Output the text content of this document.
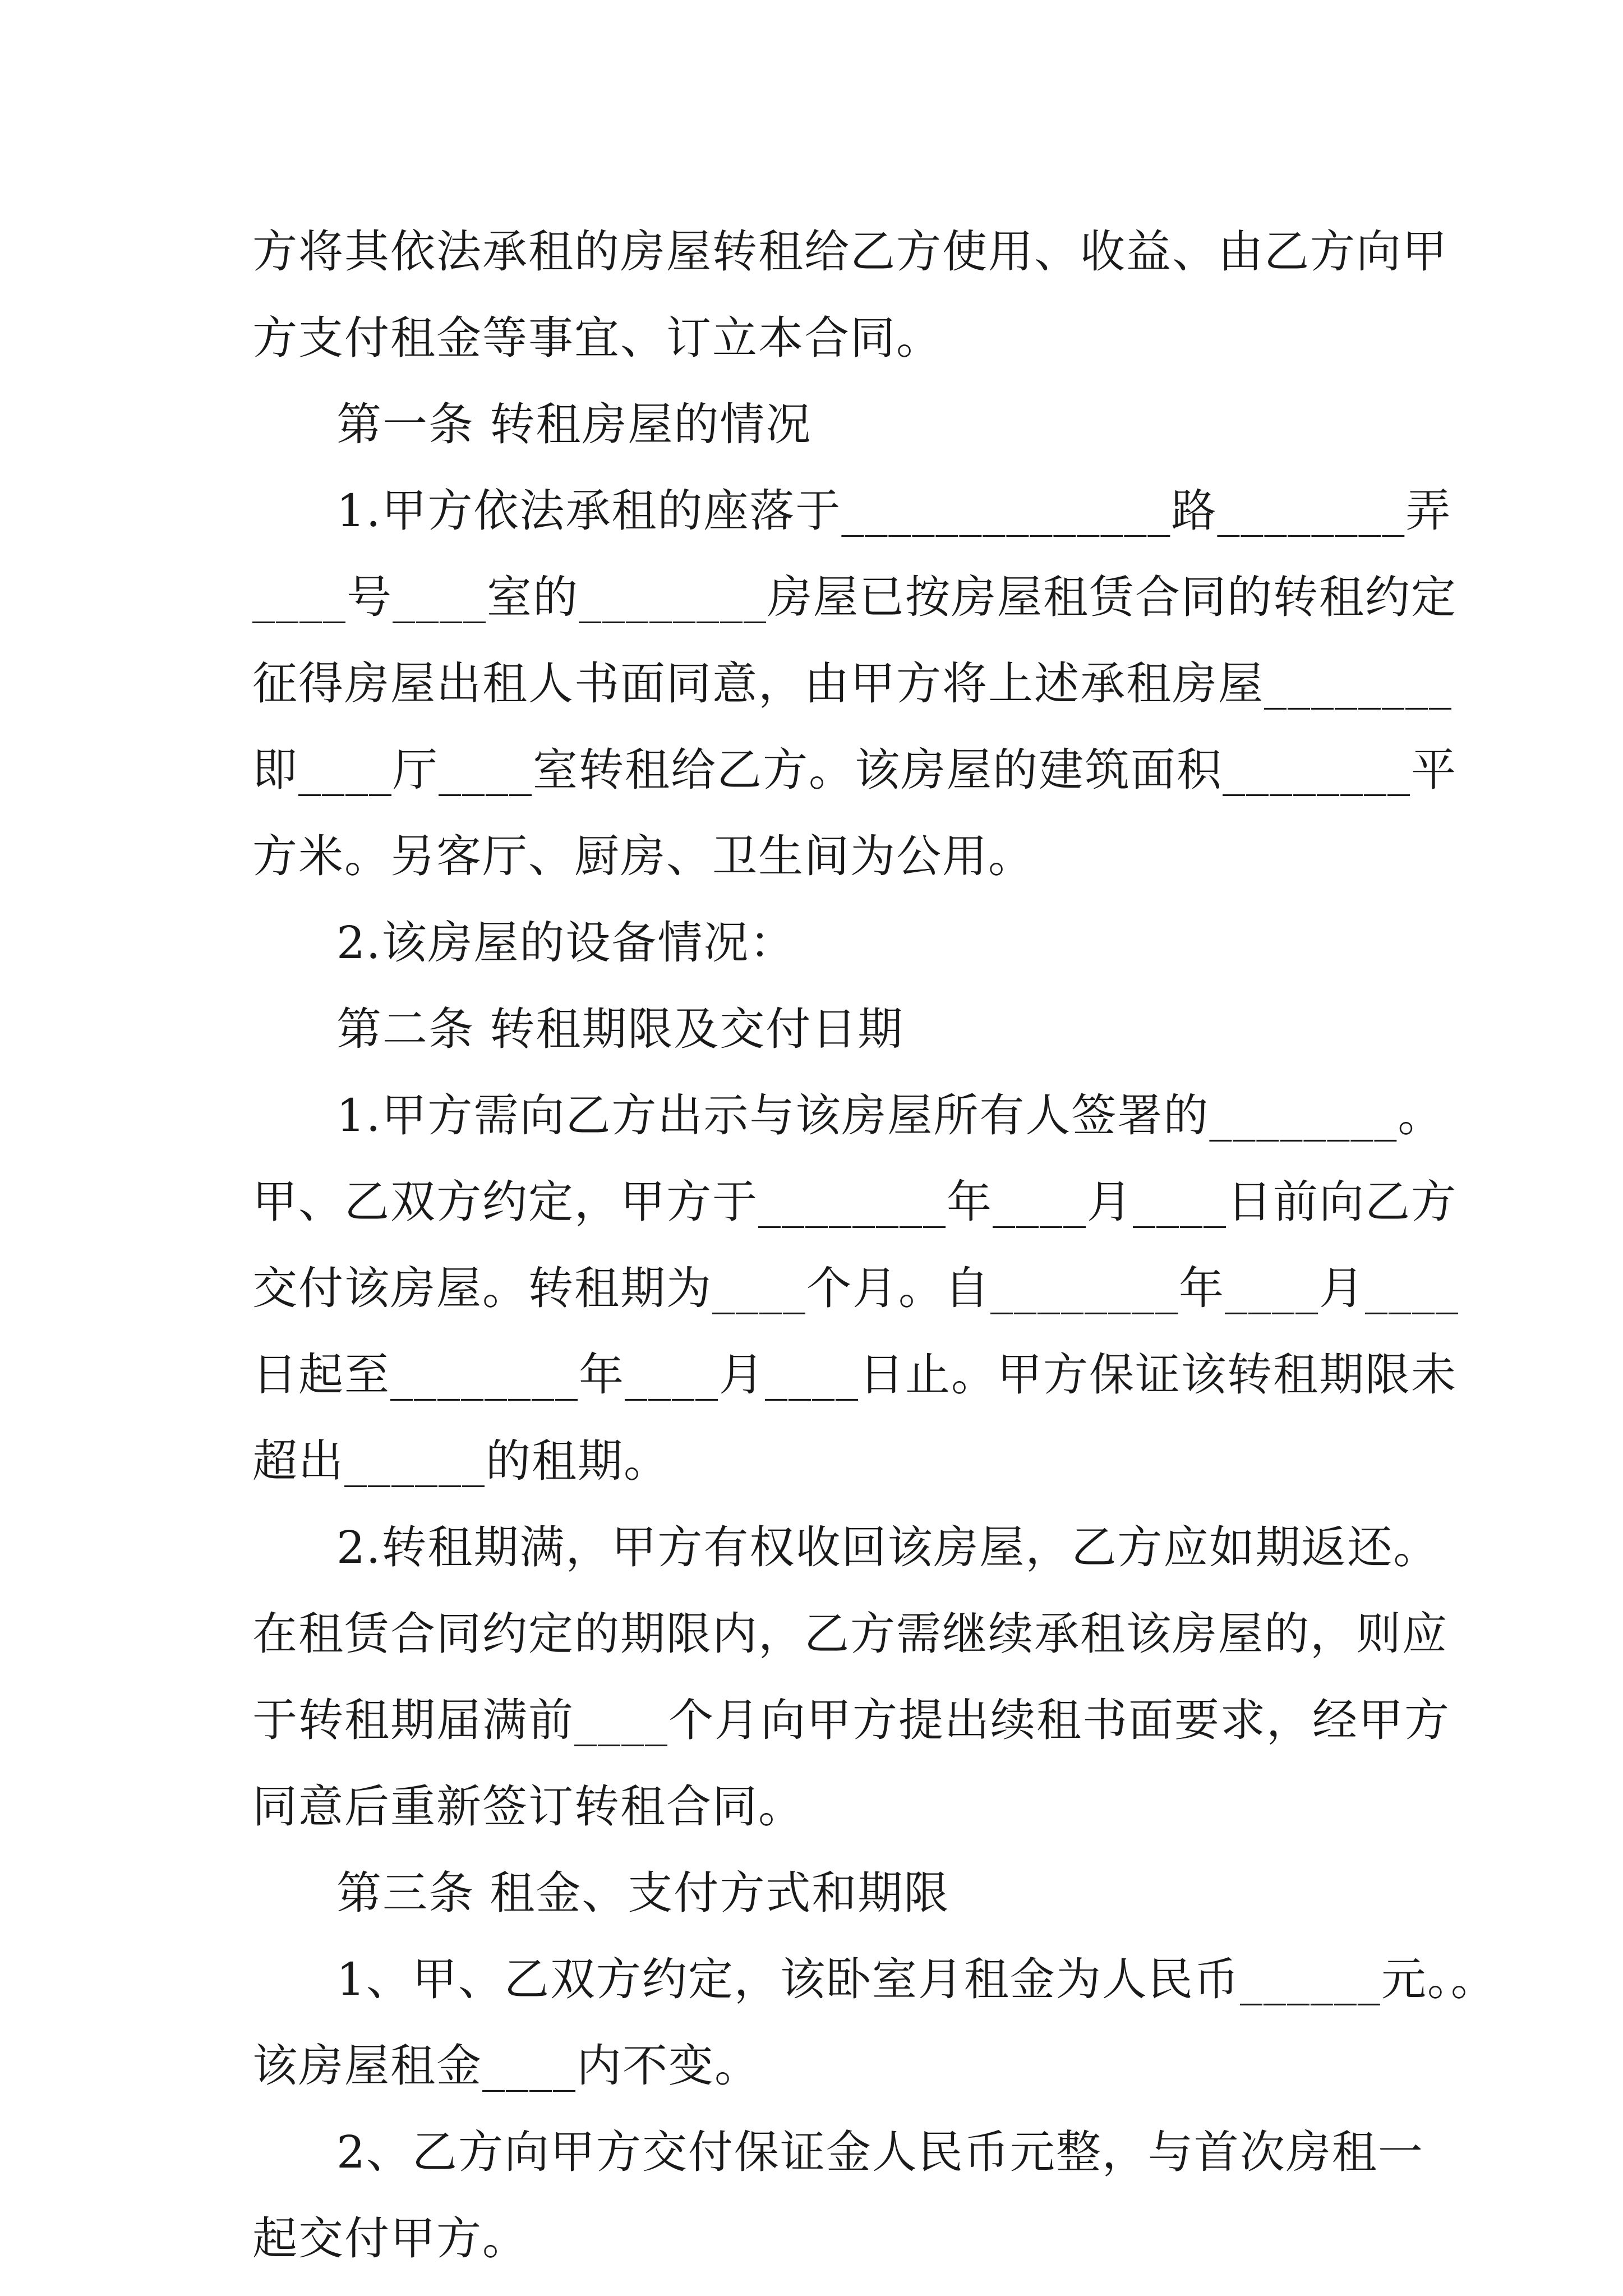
方将其依法承租的房屋转租给乙方使用、收益、由乙方向甲
方支付租金等事宜、订立本合同。
第一条 转租房屋的情况
1.甲方依法承租的座落于______________路________弄
____号____室的________房屋已按房屋租赁合同的转租约定
征得房屋出租人书面同意，由甲方将上述承租房屋________
即____厅____室转租给乙方。该房屋的建筑面积________平
方米。另客厅、厨房、卫生间为公用。
2.该房屋的设备情况：
第二条 转租期限及交付日期
1.甲方需向乙方出示与该房屋所有人签署的________。
甲、乙双方约定，甲方于________年____月____日前向乙方
交付该房屋。转租期为____个月。自________年____月____
日起至________年____月____日止。甲方保证该转租期限未
超出______的租期。
2.转租期满，甲方有权收回该房屋，乙方应如期返还。
在租赁合同约定的期限内，乙方需继续承租该房屋的，则应
于转租期届满前____个月向甲方提出续租书面要求，经甲方
同意后重新签订转租合同。
第三条 租金、支付方式和期限
1、甲、乙双方约定，该卧室月租金为人民币______元。。
该房屋租金____内不变。
2、乙方向甲方交付保证金人民币元整，与首次房租一
起交付甲方。
